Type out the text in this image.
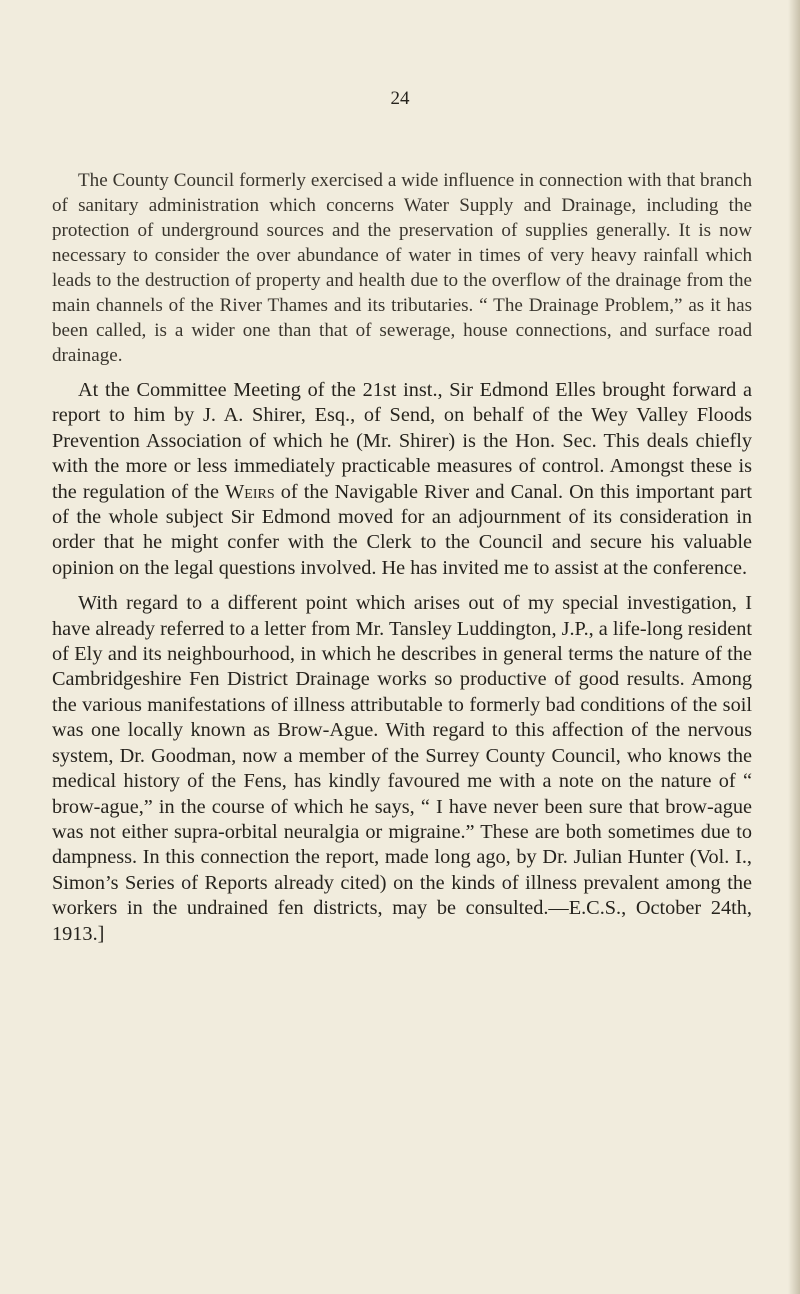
24

The County Council formerly exercised a wide influence in connection with that branch of sanitary administration which concerns Water Supply and Drainage, including the protection of underground sources and the preservation of supplies generally. It is now necessary to consider the over abundance of water in times of very heavy rainfall which leads to the destruction of property and health due to the overflow of the drainage from the main channels of the River Thames and its tributaries. “ The Drainage Problem,” as it has been called, is a wider one than that of sewerage, house connections, and surface road drainage.

At the Committee Meeting of the 21st inst., Sir Edmond Elles brought forward a report to him by J. A. Shirer, Esq., of Send, on behalf of the Wey Valley Floods Prevention Association of which he (Mr. Shirer) is the Hon. Sec. This deals chiefly with the more or less immediately practicable measures of control. Amongst these is the regulation of the Weirs of the Navigable River and Canal. On this important part of the whole subject Sir Edmond moved for an adjournment of its consideration in order that he might confer with the Clerk to the Council and secure his valuable opinion on the legal questions involved. He has invited me to assist at the conference.

With regard to a different point which arises out of my special investigation, I have already referred to a letter from Mr. Tansley Luddington, J.P., a life-long resident of Ely and its neighbourhood, in which he describes in general terms the nature of the Cambridgeshire Fen District Drainage works so productive of good results. Among the various manifestations of illness attributable to formerly bad conditions of the soil was one locally known as Brow-Ague. With regard to this affection of the nervous system, Dr. Goodman, now a member of the Surrey County Council, who knows the medical history of the Fens, has kindly favoured me with a note on the nature of “ brow-ague,” in the course of which he says, “ I have never been sure that brow-ague was not either supra-orbital neuralgia or migraine.” These are both sometimes due to dampness. In this connection the report, made long ago, by Dr. Julian Hunter (Vol. I., Simon’s Series of Reports already cited) on the kinds of illness prevalent among the workers in the undrained fen districts, may be consulted.—E.C.S., October 24th, 1913.]
